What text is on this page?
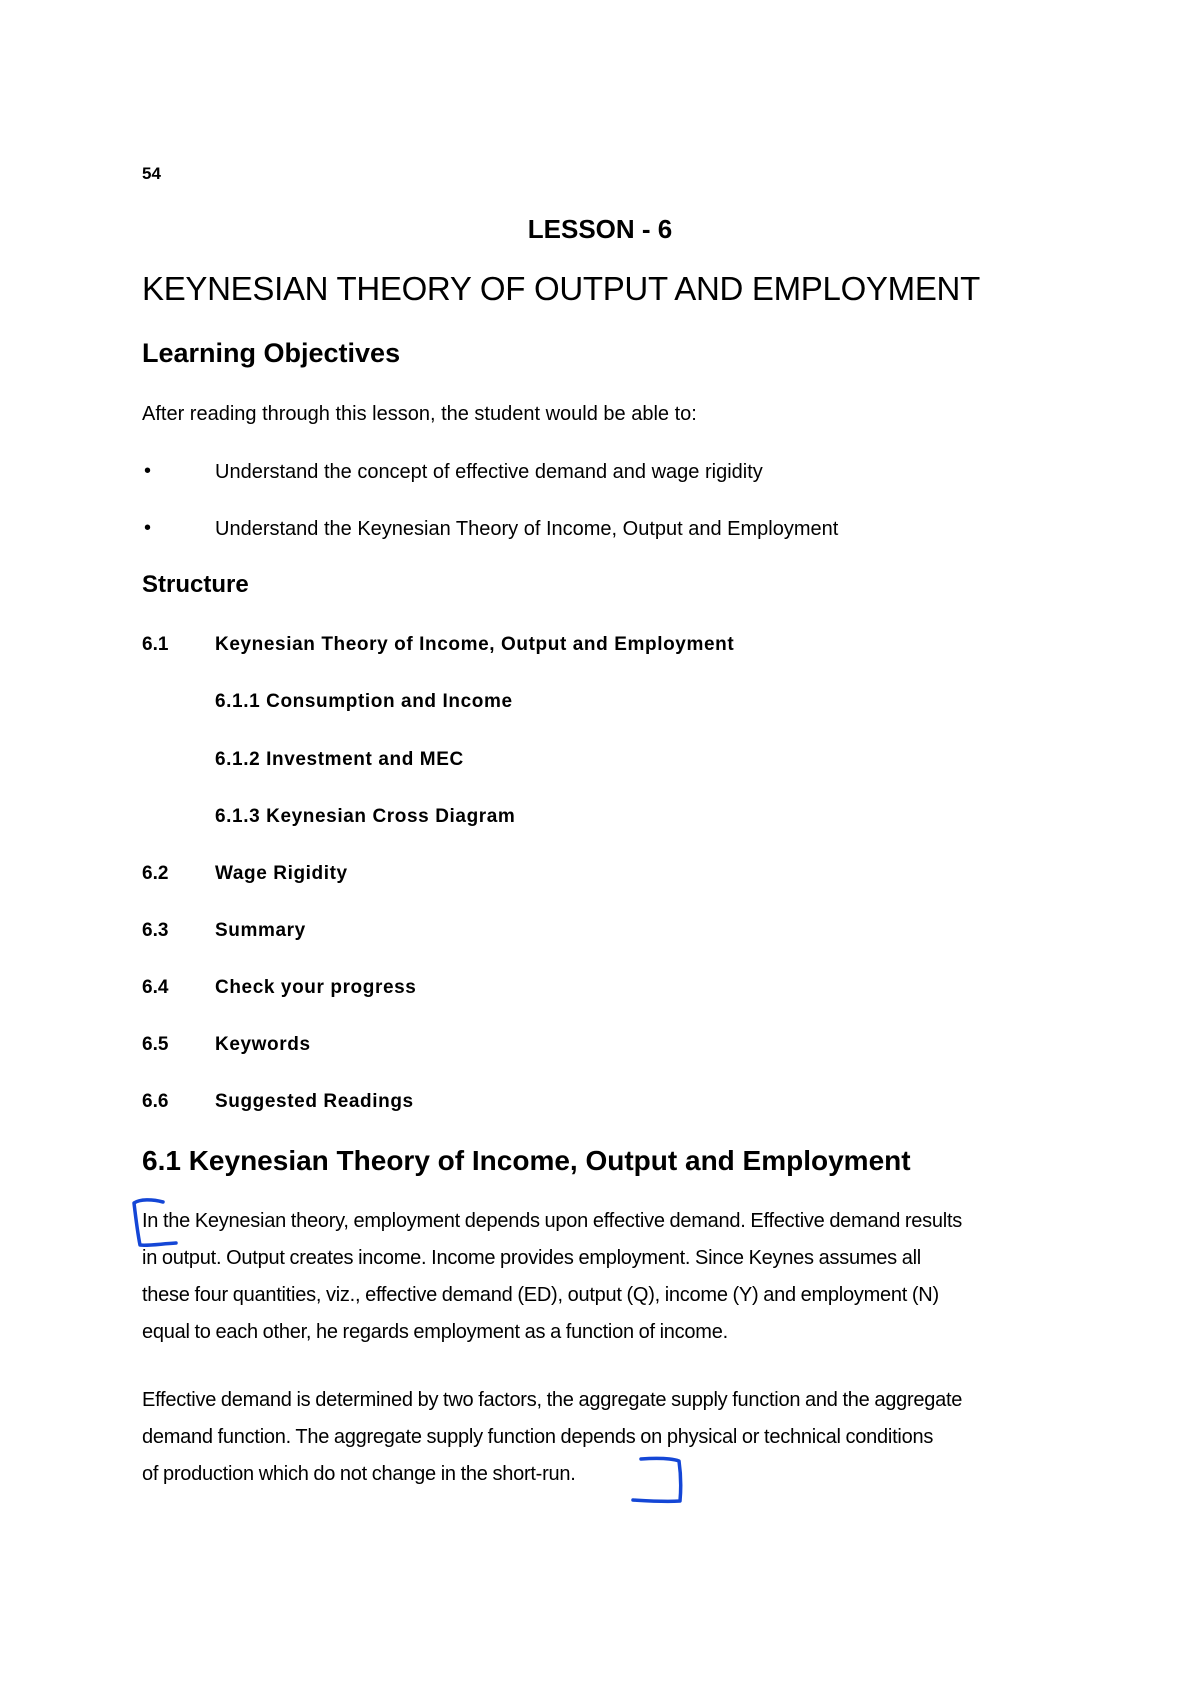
54
LESSON - 6
KEYNESIAN THEORY OF OUTPUT AND EMPLOYMENT
Learning Objectives
After reading through this lesson, the student would be able to:
•	Understand the concept of effective demand and wage rigidity
•	Understand the Keynesian Theory of Income, Output and Employment
Structure
6.1 Keynesian Theory of Income, Output and Employment
6.1.1 Consumption and Income
6.1.2 Investment and MEC
6.1.3 Keynesian Cross Diagram
6.2 Wage Rigidity
6.3 Summary
6.4 Check your progress
6.5 Keywords
6.6 Suggested Readings
6.1 Keynesian Theory of Income, Output and Employment
In the Keynesian theory, employment depends upon effective demand. Effective demand results
in output. Output creates income. Income provides employment. Since Keynes assumes all
these four quantities, viz., effective demand (ED), output (Q), income (Y) and employment (N)
equal to each other, he regards employment as a function of income.
Effective demand is determined by two factors, the aggregate supply function and the aggregate
demand function. The aggregate supply function depends on physical or technical conditions
of production which do not change in the short-run.
